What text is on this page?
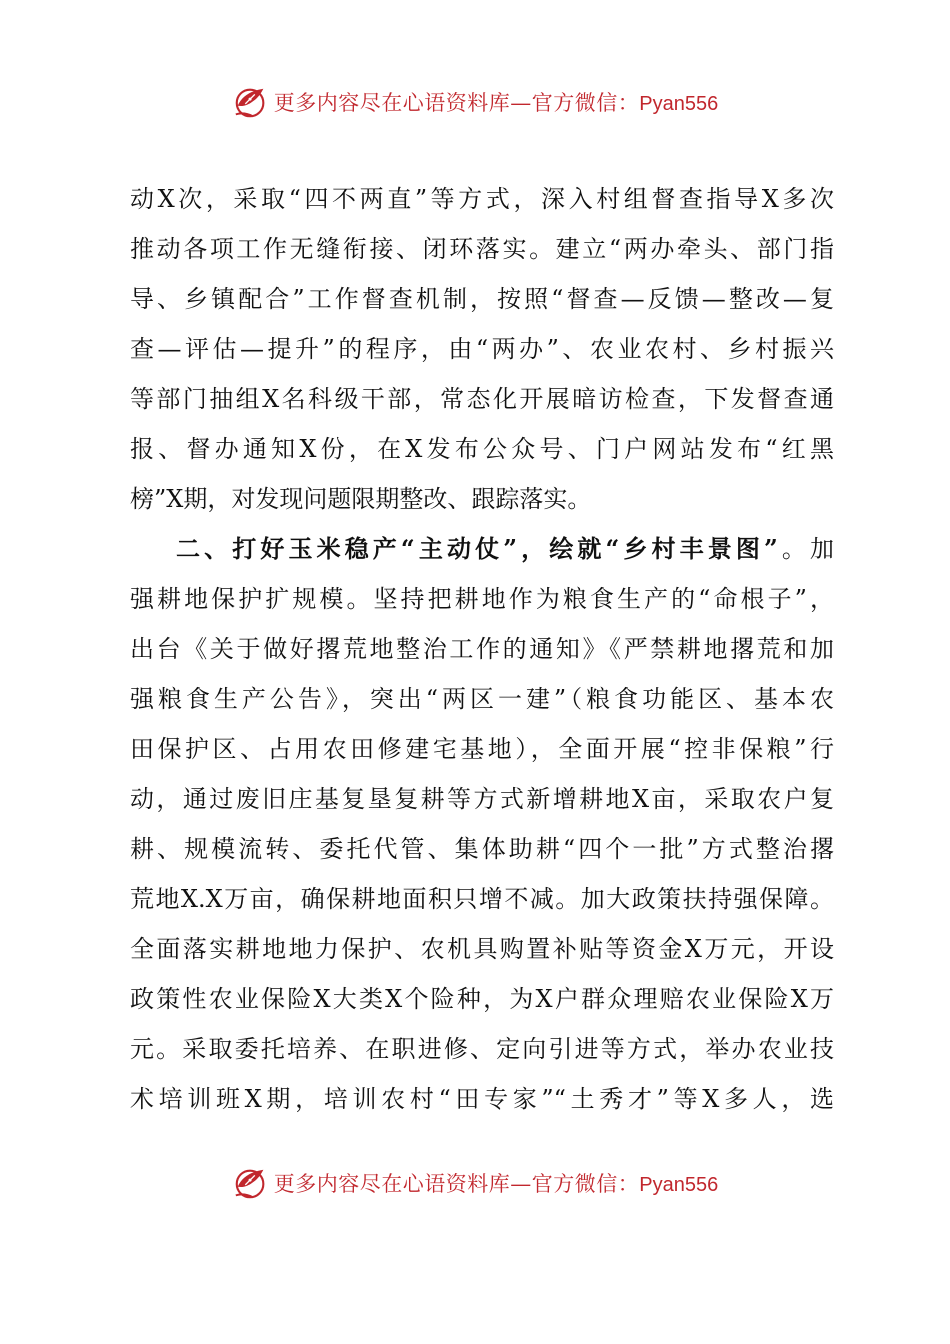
更多内容尽在心语资料库—官方微信：Pyan556
动X次，采取“四不两直”等方式，深入村组督查指导X多次
推动各项工作无缝衔接、闭环落实。建立“两办牵头、部门指
导、乡镇配合”工作督查机制，按照“督查—反馈—整改—复
查—评估—提升”的程序，由“两办”、农业农村、乡村振兴
等部门抽组X名科级干部，常态化开展暗访检查，下发督查通
报、督办通知X份，在X发布公众号、门户网站发布“红黑
榜”X期，对发现问题限期整改、跟踪落实。
二、打好玉米稳产“主动仗”，绘就“乡村丰景图”。加
强耕地保护扩规模。坚持把耕地作为粮食生产的“命根子”，
出台《关于做好撂荒地整治工作的通知》《严禁耕地撂荒和加
强粮食生产公告》，突出“两区一建”（粮食功能区、基本农
田保护区、占用农田修建宅基地），全面开展“控非保粮”行
动，通过废旧庄基复垦复耕等方式新增耕地X亩，采取农户复
耕、规模流转、委托代管、集体助耕“四个一批”方式整治撂
荒地X.X万亩，确保耕地面积只增不减。加大政策扶持强保障。
全面落实耕地地力保护、农机具购置补贴等资金X万元，开设
政策性农业保险X大类X个险种，为X户群众理赔农业保险X万
元。采取委托培养、在职进修、定向引进等方式，举办农业技
术培训班X期，培训农村“田专家”“土秀才”等X多人，选
更多内容尽在心语资料库—官方微信：Pyan556
